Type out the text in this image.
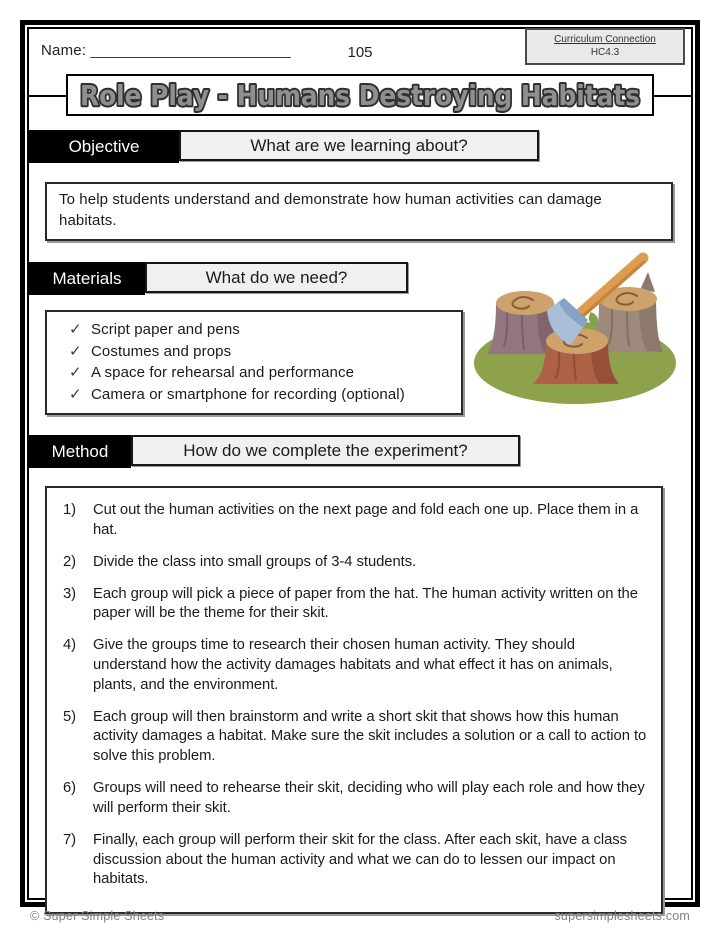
Name: ________________________	105
Curriculum Connection
HC4.3
Role Play - Humans Destroying Habitats
Objective	What are we learning about?
To help students understand and demonstrate how human activities can damage habitats.
Materials	What do we need?
✓ Script paper and pens
✓ Costumes and props
✓ A space for rehearsal and performance
✓ Camera or smartphone for recording (optional)
Method	How do we complete the experiment?
1)	Cut out the human activities on the next page and fold each one up. Place them in a hat.
2)	Divide the class into small groups of 3-4 students.
3)	Each group will pick a piece of paper from the hat. The human activity written on the paper will be the theme for their skit.
4)	Give the groups time to research their chosen human activity. They should understand how the activity damages habitats and what effect it has on animals, plants, and the environment.
5)	Each group will then brainstorm and write a short skit that shows how this human activity damages a habitat. Make sure the skit includes a solution or a call to action to solve this problem.
6)	Groups will need to rehearse their skit, deciding who will play each role and how they will perform their skit.
7)	Finally, each group will perform their skit for the class. After each skit, have a class discussion about the human activity and what we can do to lessen our impact on habitats.
© Super Simple Sheets	supersimplesheets.com
